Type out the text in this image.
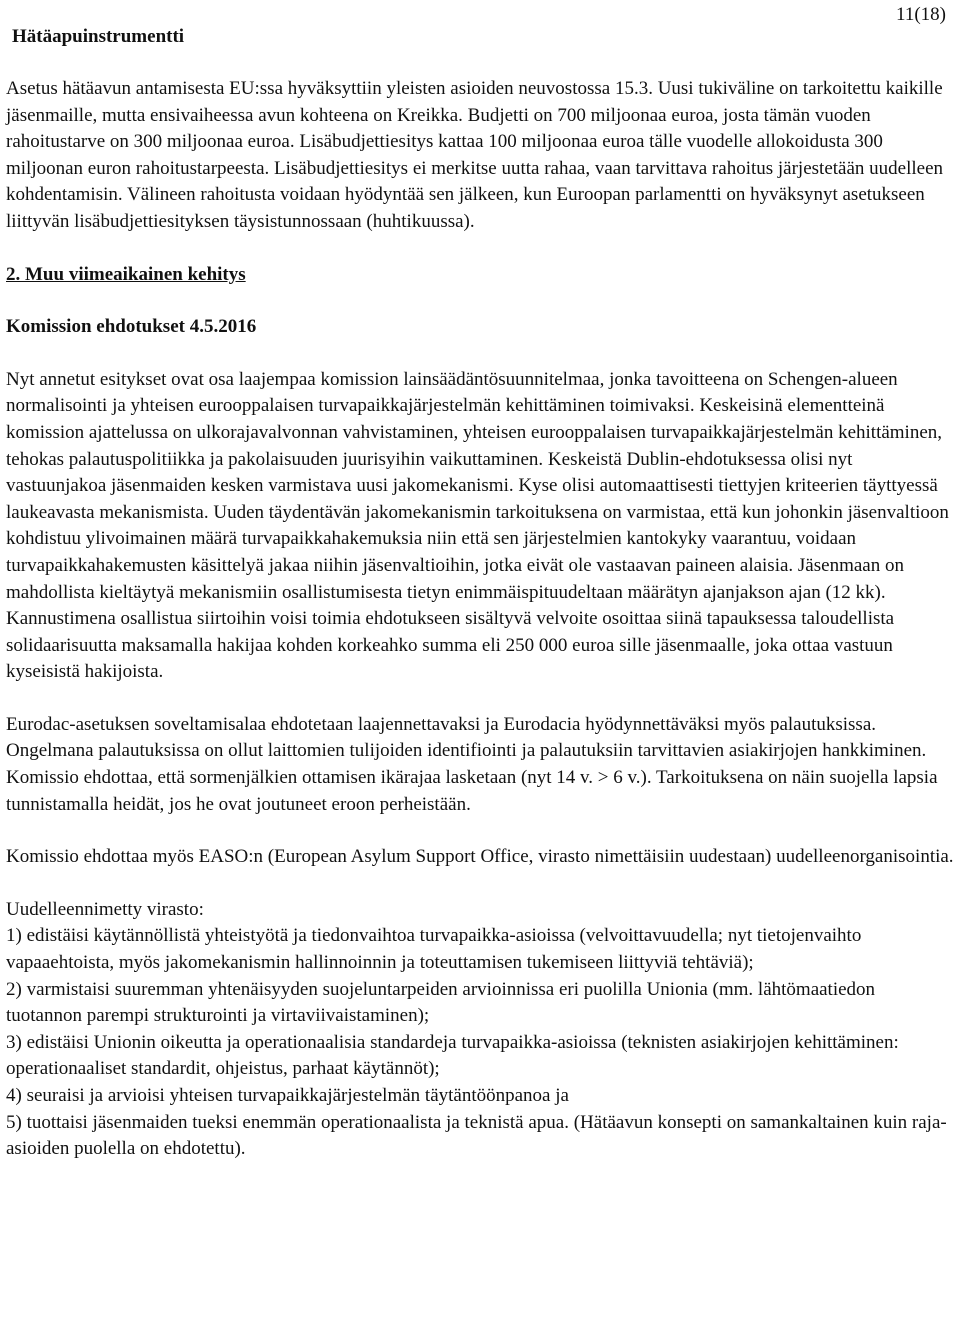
Hätäapuinstrumentti
11(18)

Asetus hätäavun antamisesta EU:ssa hyväksyttiin yleisten asioiden neuvostossa 15.3. Uusi tukiväline on tarkoitettu kaikille jäsenmaille, mutta ensivaiheessa avun kohteena on Kreikka. Budjetti on 700 miljoonaa euroa, josta tämän vuoden rahoitustarve on 300 miljoonaa euroa. Lisäbudjettiesitys kattaa 100 miljoonaa euroa tälle vuodelle allokoidusta 300 miljoonan euron rahoitustarpeesta. Lisäbudjettiesitys ei merkitse uutta rahaa, vaan tarvittava rahoitus järjestetään uudelleen kohdentamisin. Välineen rahoitusta voidaan hyödyntää sen jälkeen, kun Euroopan parlamentti on hyväksynyt asetukseen liittyvän lisäbudjettiesityksen täysistunnossaan (huhtikuussa).

2. Muu viimeaikainen kehitys

Komission ehdotukset 4.5.2016

Nyt annetut esitykset ovat osa laajempaa komission lainsäädäntösuunnitelmaa, jonka tavoitteena on Schengen-alueen normalisointi ja yhteisen eurooppalaisen turvapaikkajärjestelmän kehittäminen toimivaksi. Keskeisinä elementteinä komission ajattelussa on ulkorajavalvonnan vahvistaminen, yhteisen eurooppalaisen turvapaikkajärjestelmän kehittäminen, tehokas palautuspolitiikka ja pakolaisuuden juurisyihin vaikuttaminen. Keskeistä Dublin-ehdotuksessa olisi nyt vastuunjakoa jäsenmaiden kesken varmistava uusi jakomekanismi. Kyse olisi automaattisesti tiettyjen kriteerien täyttyessä laukeavasta mekanismista. Uuden täydentävän jakomekanismin tarkoituksena on varmistaa, että kun johonkin jäsenvaltioon kohdistuu ylivoimainen määrä turvapaikkahakemuksia niin että sen järjestelmien kantokyky vaarantuu, voidaan turvapaikkahakemusten käsittelyä jakaa niihin jäsenvaltioihin, jotka eivät ole vastaavan paineen alaisia. Jäsenmaan on mahdollista kieltäytyä mekanismiin osallistumisesta tietyn enimmäispituudeltaan määrätyn ajanjakson ajan (12 kk). Kannustimena osallistua siirtoihin voisi toimia ehdotukseen sisältyvä velvoite osoittaa siinä tapauksessa taloudellista solidaarisuutta maksamalla hakijaa kohden korkeahko summa eli 250 000 euroa sille jäsenmaalle, joka ottaa vastuun kyseisistä hakijoista.

Eurodac-asetuksen soveltamisalaa ehdotetaan laajennettavaksi ja Eurodacia hyödynnettäväksi myös palautuksissa. Ongelmana palautuksissa on ollut laittomien tulijoiden identifiointi ja palautuksiin tarvittavien asiakirjojen hankkiminen. Komissio ehdottaa, että sormenjälkien ottamisen ikärajaa lasketaan (nyt 14 v. > 6 v.). Tarkoituksena on näin suojella lapsia tunnistamalla heidät, jos he ovat joutuneet eroon perheistään.

Komissio ehdottaa myös EASO:n (European Asylum Support Office, virasto nimettäisiin uudestaan) uudelleenorganisointia.

Uudelleennimetty virasto:

1) edistäisi käytännöllistä yhteistyötä ja tiedonvaihtoa turvapaikka-asioissa (velvoittavuudella; nyt tietojenvaihto vapaaehtoista, myös jakomekanismin hallinnoinnin ja toteuttamisen tukemiseen liittyviä tehtäviä);

2) varmistaisi suuremman yhtenäisyyden suojeluntarpeiden arvioinnissa eri puolilla Unionia (mm. lähtömaatiedon tuotannon parempi strukturointi ja virtaviivaistaminen);

3) edistäisi Unionin oikeutta ja operationaalisia standardeja turvapaikka-asioissa (teknisten asiakirjojen kehittäminen: operationaaliset standardit, ohjeistus, parhaat käytännöt);

4) seuraisi ja arvioisi yhteisen turvapaikkajärjestelmän täytäntöönpanoa ja

5) tuottaisi jäsenmaiden tueksi enemmän operationaalista ja teknistä apua. (Hätäavun konsepti on samankaltainen kuin raja-asioiden puolella on ehdotettu).
